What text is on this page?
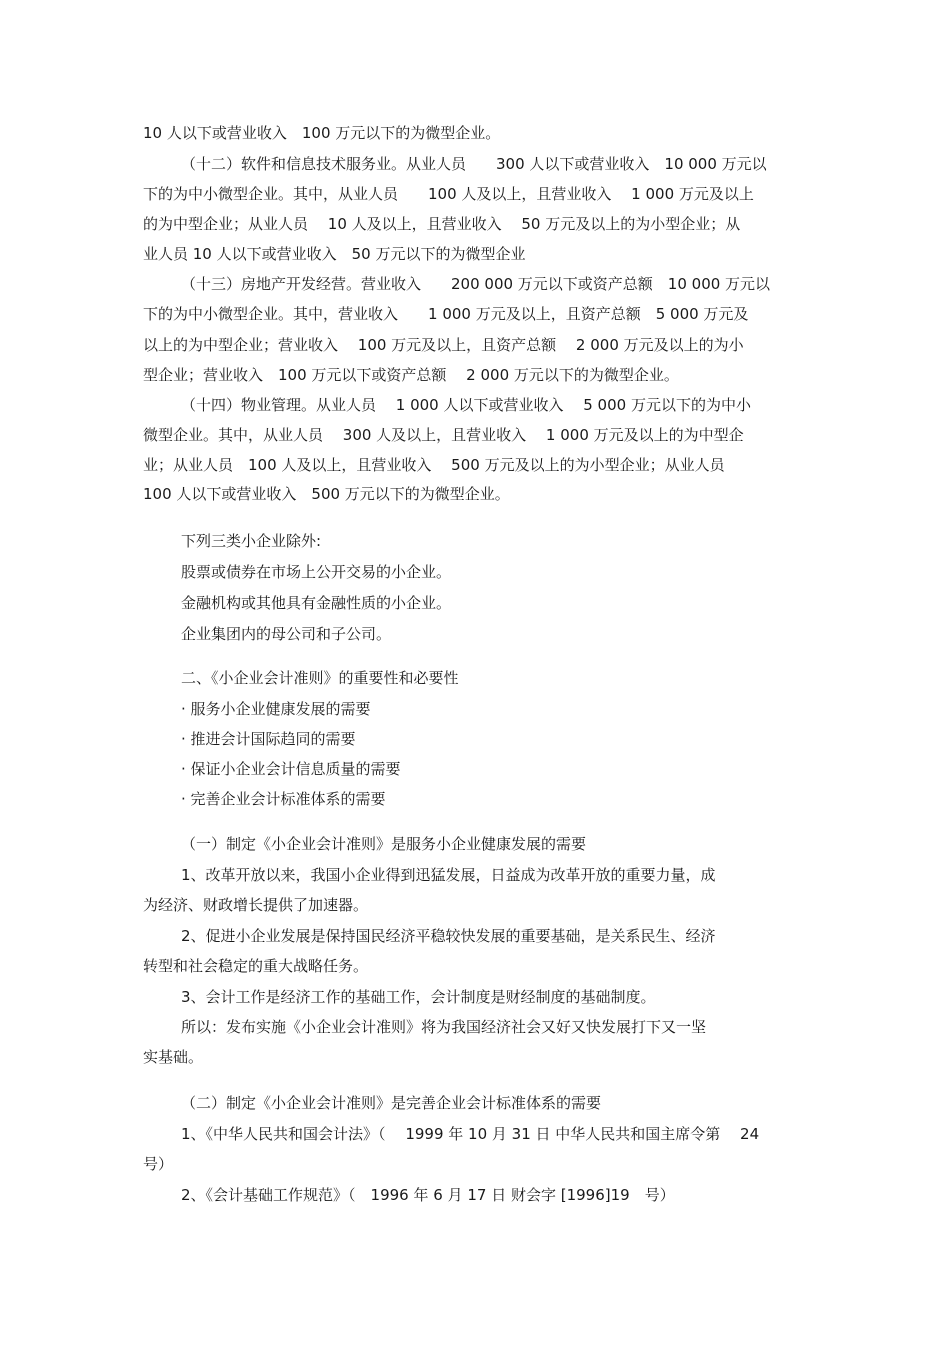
10 人以下或营业收入　100 万元以下的为微型企业。
（十二）软件和信息技术服务业。从业人员　　300 人以下或营业收入　10 000 万元以
下的为中小微型企业。其中，从业人员　　100 人及以上，且营业收入　 1 000 万元及以上
的为中型企业；从业人员　 10 人及以上，且营业收入　 50 万元及以上的为小型企业；从
业人员 10 人以下或营业收入　50 万元以下的为微型企业
（十三）房地产开发经营。营业收入　　200 000 万元以下或资产总额　10 000 万元以
下的为中小微型企业。其中，营业收入　　1 000 万元及以上，且资产总额　5 000 万元及
以上的为中型企业；营业收入　 100 万元及以上，且资产总额　 2 000 万元及以上的为小
型企业；营业收入　100 万元以下或资产总额　 2 000 万元以下的为微型企业。
（十四）物业管理。从业人员　 1 000 人以下或营业收入　 5 000 万元以下的为中小
微型企业。其中，从业人员　 300 人及以上，且营业收入　 1 000 万元及以上的为中型企
业；从业人员　100 人及以上，且营业收入　 500 万元及以上的为小型企业；从业人员
100 人以下或营业收入　500 万元以下的为微型企业。
下列三类小企业除外:
股票或债券在市场上公开交易的小企业。
金融机构或其他具有金融性质的小企业。
企业集团内的母公司和子公司。
二、《小企业会计准则》的重要性和必要性
· 服务小企业健康发展的需要
· 推进会计国际趋同的需要
· 保证小企业会计信息质量的需要
· 完善企业会计标准体系的需要
（一）制定《小企业会计准则》是服务小企业健康发展的需要
1、改革开放以来，我国小企业得到迅猛发展，日益成为改革开放的重要力量，成
为经济、财政增长提供了加速器。
2、促进小企业发展是保持国民经济平稳较快发展的重要基础，是关系民生、经济
转型和社会稳定的重大战略任务。
3、会计工作是经济工作的基础工作，会计制度是财经制度的基础制度。
所以：发布实施《小企业会计准则》将为我国经济社会又好又快发展打下又一坚
实基础。
（二）制定《小企业会计准则》是完善企业会计标准体系的需要
1、《中华人民共和国会计法》（　 1999 年 10 月 31 日 中华人民共和国主席令第　 24
号）
2、《会计基础工作规范》（　1996 年 6 月 17 日 财会字 [1996]19　号）
